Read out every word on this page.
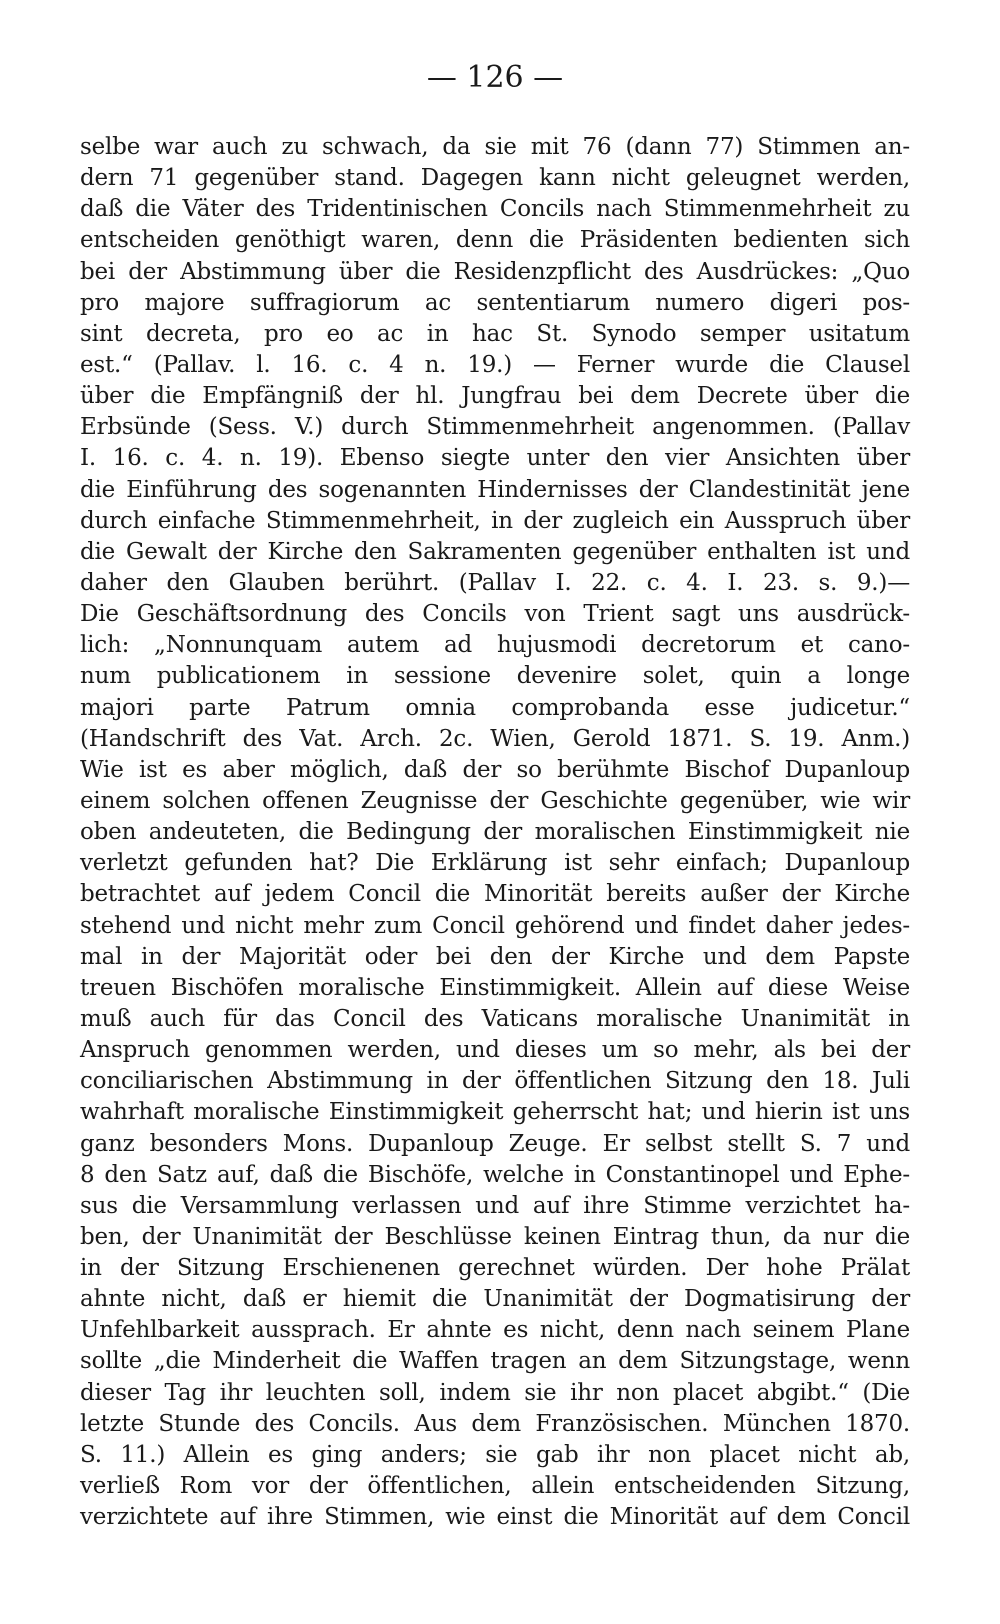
— 126 —
selbe war auch zu schwach, da sie mit 76 (dann 77) Stimmen an-
dern 71 gegenüber stand. Dagegen kann nicht geleugnet werden,
daß die Väter des Tridentinischen Concils nach Stimmenmehrheit zu
entscheiden genöthigt waren, denn die Präsidenten bedienten sich
bei der Abstimmung über die Residenzpflicht des Ausdrückes: „Quo
pro majore suffragiorum ac sententiarum numero digeri pos-
sint decreta, pro eo ac in hac St. Synodo semper usitatum
est.“ (Pallav. l. 16. c. 4 n. 19.) — Ferner wurde die Clausel
über die Empfängniß der hl. Jungfrau bei dem Decrete über die
Erbsünde (Sess. V.) durch Stimmenmehrheit angenommen. (Pallav
I. 16. c. 4. n. 19). Ebenso siegte unter den vier Ansichten über
die Einführung des sogenannten Hindernisses der Clandestinität jene
durch einfache Stimmenmehrheit, in der zugleich ein Ausspruch über
die Gewalt der Kirche den Sakramenten gegenüber enthalten ist und
daher den Glauben berührt. (Pallav I. 22. c. 4. I. 23. s. 9.)—
Die Geschäftsordnung des Concils von Trient sagt uns ausdrück-
lich: „Nonnunquam autem ad hujusmodi decretorum et cano-
num publicationem in sessione devenire solet, quin a longe
majori parte Patrum omnia comprobanda esse judicetur.“
(Handschrift des Vat. Arch. 2c. Wien, Gerold 1871. S. 19. Anm.)
Wie ist es aber möglich, daß der so berühmte Bischof Dupanloup
einem solchen offenen Zeugnisse der Geschichte gegenüber, wie wir
oben andeuteten, die Bedingung der moralischen Einstimmigkeit nie
verletzt gefunden hat? Die Erklärung ist sehr einfach; Dupanloup
betrachtet auf jedem Concil die Minorität bereits außer der Kirche
stehend und nicht mehr zum Concil gehörend und findet daher jedes-
mal in der Majorität oder bei den der Kirche und dem Papste
treuen Bischöfen moralische Einstimmigkeit. Allein auf diese Weise
muß auch für das Concil des Vaticans moralische Unanimität in
Anspruch genommen werden, und dieses um so mehr, als bei der
conciliarischen Abstimmung in der öffentlichen Sitzung den 18. Juli
wahrhaft moralische Einstimmigkeit geherrscht hat; und hierin ist uns
ganz besonders Mons. Dupanloup Zeuge. Er selbst stellt S. 7 und
8 den Satz auf, daß die Bischöfe, welche in Constantinopel und Ephe-
sus die Versammlung verlassen und auf ihre Stimme verzichtet ha-
ben, der Unanimität der Beschlüsse keinen Eintrag thun, da nur die
in der Sitzung Erschienenen gerechnet würden. Der hohe Prälat
ahnte nicht, daß er hiemit die Unanimität der Dogmatisirung der
Unfehlbarkeit aussprach. Er ahnte es nicht, denn nach seinem Plane
sollte „die Minderheit die Waffen tragen an dem Sitzungstage, wenn
dieser Tag ihr leuchten soll, indem sie ihr non placet abgibt.“ (Die
letzte Stunde des Concils. Aus dem Französischen. München 1870.
S. 11.) Allein es ging anders; sie gab ihr non placet nicht ab,
verließ Rom vor der öffentlichen, allein entscheidenden Sitzung,
verzichtete auf ihre Stimmen, wie einst die Minorität auf dem Concil
